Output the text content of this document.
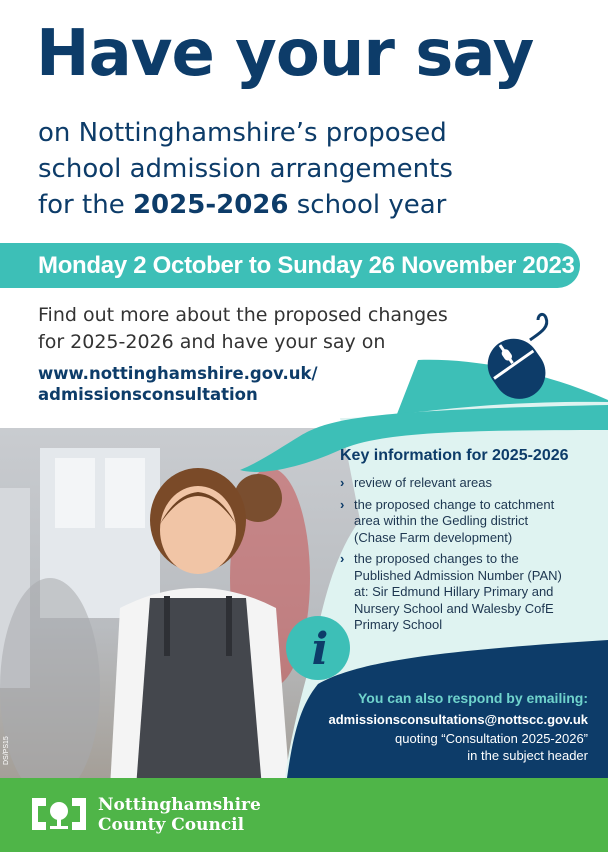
Have your say
on Nottinghamshire’s proposed
school admission arrangements
for the 2025-2026 school year
Monday 2 October to Sunday 26 November 2023
Find out more about the proposed changes
for 2025-2026 and have your say on
www.nottinghamshire.gov.uk/
admissionsconsultation
i
Key information for 2025-2026
› review of relevant areas
› the proposed change to catchment area within the Gedling district (Chase Farm development)
› the proposed changes to the Published Admission Number (PAN) at: Sir Edmund Hillary Primary and Nursery School and Walesby CofE Primary School
You can also respond by emailing:
admissionsconsultations@nottscc.gov.uk
quoting “Consultation 2025-2026”
in the subject header
DS/PS15
Nottinghamshire
County Council
